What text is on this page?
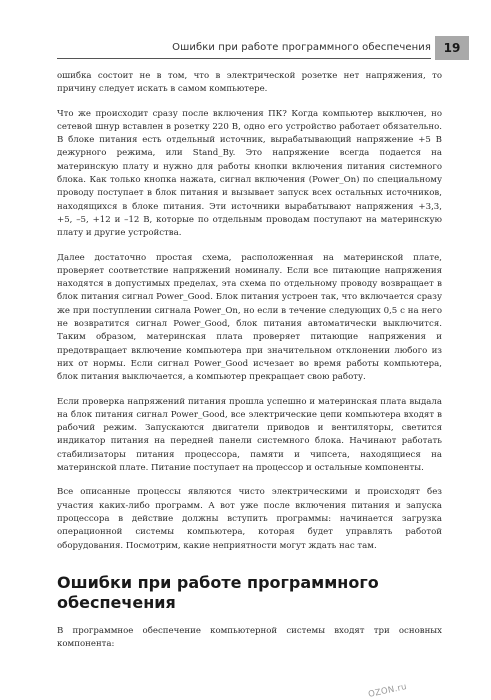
Ошибки при работе программного обеспечения	19

ошибка состоит не в том, что в электрической розетке нет напряжения, то причину следует искать в самом компьютере.

Что же происходит сразу после включения ПК? Когда компьютер выключен, но сетевой шнур вставлен в розетку 220 В, одно его устройство работает обязательно. В блоке питания есть отдельный источник, вырабатывающий напряжение +5 В дежурного режима, или Stand_By. Это напряжение всегда подается на материнскую плату и нужно для работы кнопки включения питания системного блока. Как только кнопка нажата, сигнал включения (Power_On) по специальному проводу поступает в блок питания и вызывает запуск всех остальных источников, находящихся в блоке питания. Эти источники вырабатывают напряжения +3,3, +5, –5, +12 и –12 В, которые по отдельным проводам поступают на материнскую плату и другие устройства.

Далее достаточно простая схема, расположенная на материнской плате, проверяет соответствие напряжений номиналу. Если все питающие напряжения находятся в допустимых пределах, эта схема по отдельному проводу возвращает в блок питания сигнал Power_Good. Блок питания устроен так, что включается сразу же при поступлении сигнала Power_On, но если в течение следующих 0,5 с на него не возвратится сигнал Power_Good, блок питания автоматически выключится. Таким образом, материнская плата проверяет питающие напряжения и предотвращает включение компьютера при значительном отклонении любого из них от нормы. Если сигнал Power_Good исчезает во время работы компьютера, блок питания выключается, а компьютер прекращает свою работу.

Если проверка напряжений питания прошла успешно и материнская плата выдала на блок питания сигнал Power_Good, все электрические цепи компьютера входят в рабочий режим. Запускаются двигатели приводов и вентиляторы, светится индикатор питания на передней панели системного блока. Начинают работать стабилизаторы питания процессора, памяти и чипсета, находящиеся на материнской плате. Питание поступает на процессор и остальные компоненты.

Все описанные процессы являются чисто электрическими и происходят без участия каких-либо программ. А вот уже после включения питания и запуска процессора в действие должны вступить программы: начинается загрузка операционной системы компьютера, которая будет управлять работой оборудования. Посмотрим, какие неприятности могут ждать нас там.

Ошибки при работе программного обеспечения

В программное обеспечение компьютерной системы входят три основных компонента:

OZON.ru
